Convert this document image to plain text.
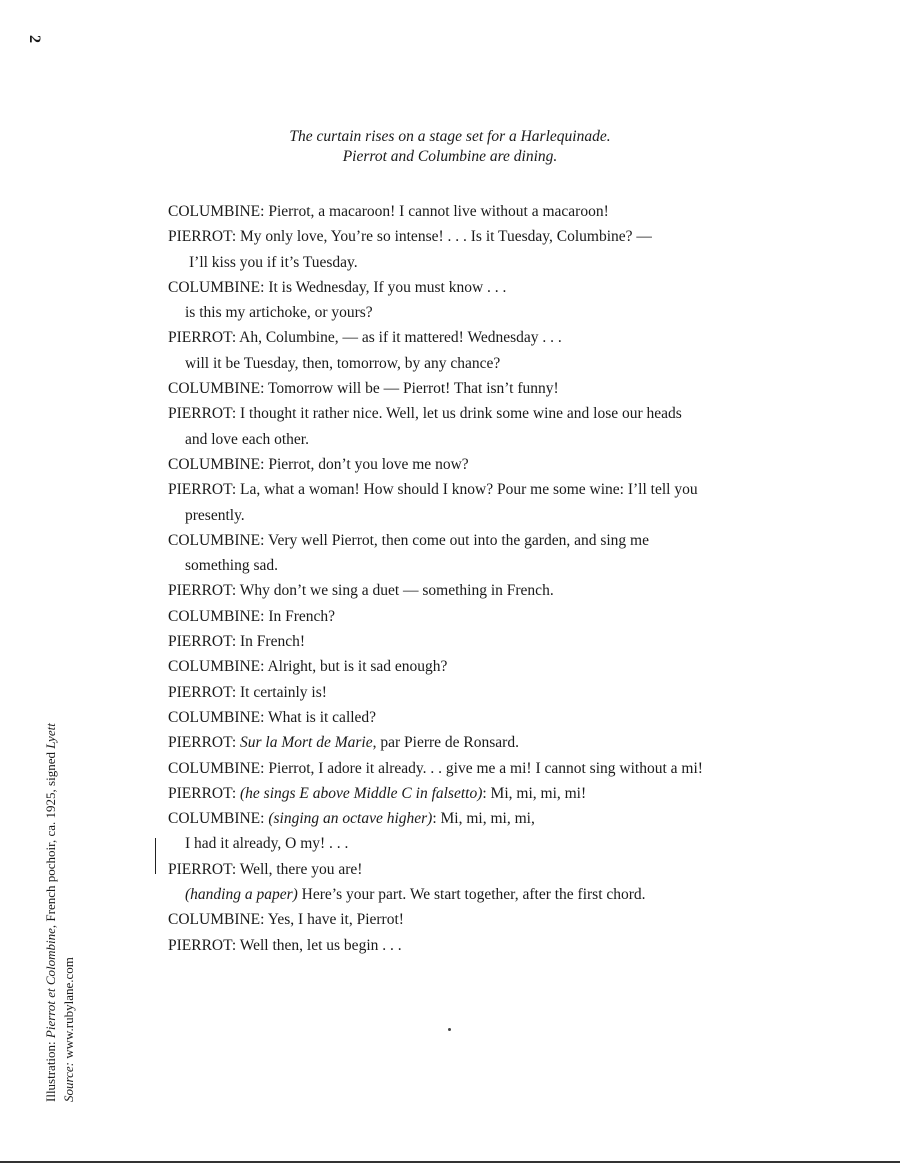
2
The curtain rises on a stage set for a Harlequinade.
Pierrot and Columbine are dining.
COLUMBINE: Pierrot, a macaroon! I cannot live without a macaroon!
PIERROT: My only love, You’re so intense! . . . Is it Tuesday, Columbine? —
I’ll kiss you if it’s Tuesday.
COLUMBINE: It is Wednesday, If you must know . . .
is this my artichoke, or yours?
PIERROT: Ah, Columbine, — as if it mattered! Wednesday . . .
will it be Tuesday, then, tomorrow, by any chance?
COLUMBINE: Tomorrow will be — Pierrot! That isn’t funny!
PIERROT: I thought it rather nice. Well, let us drink some wine and lose our heads
and love each other.
COLUMBINE: Pierrot, don’t you love me now?
PIERROT: La, what a woman! How should I know? Pour me some wine: I’ll tell you
presently.
COLUMBINE: Very well Pierrot, then come out into the garden, and sing me
something sad.
PIERROT: Why don’t we sing a duet — something in French.
COLUMBINE: In French?
PIERROT: In French!
COLUMBINE: Alright, but is it sad enough?
PIERROT: It certainly is!
COLUMBINE: What is it called?
PIERROT: Sur la Mort de Marie, par Pierre de Ronsard.
COLUMBINE: Pierrot, I adore it already. . . give me a mi! I cannot sing without a mi!
PIERROT: (he sings E above Middle C in falsetto): Mi, mi, mi, mi!
COLUMBINE: (singing an octave higher): Mi, mi, mi, mi,
I had it already, O my! . . .
PIERROT: Well, there you are!
(handing a paper) Here’s your part. We start together, after the first chord.
COLUMBINE: Yes, I have it, Pierrot!
PIERROT: Well then, let us begin . . .
Illustration: Pierrot et Colombine, French pochoir, ca. 1925, signed Lyett
Source: www.rubylane.com
